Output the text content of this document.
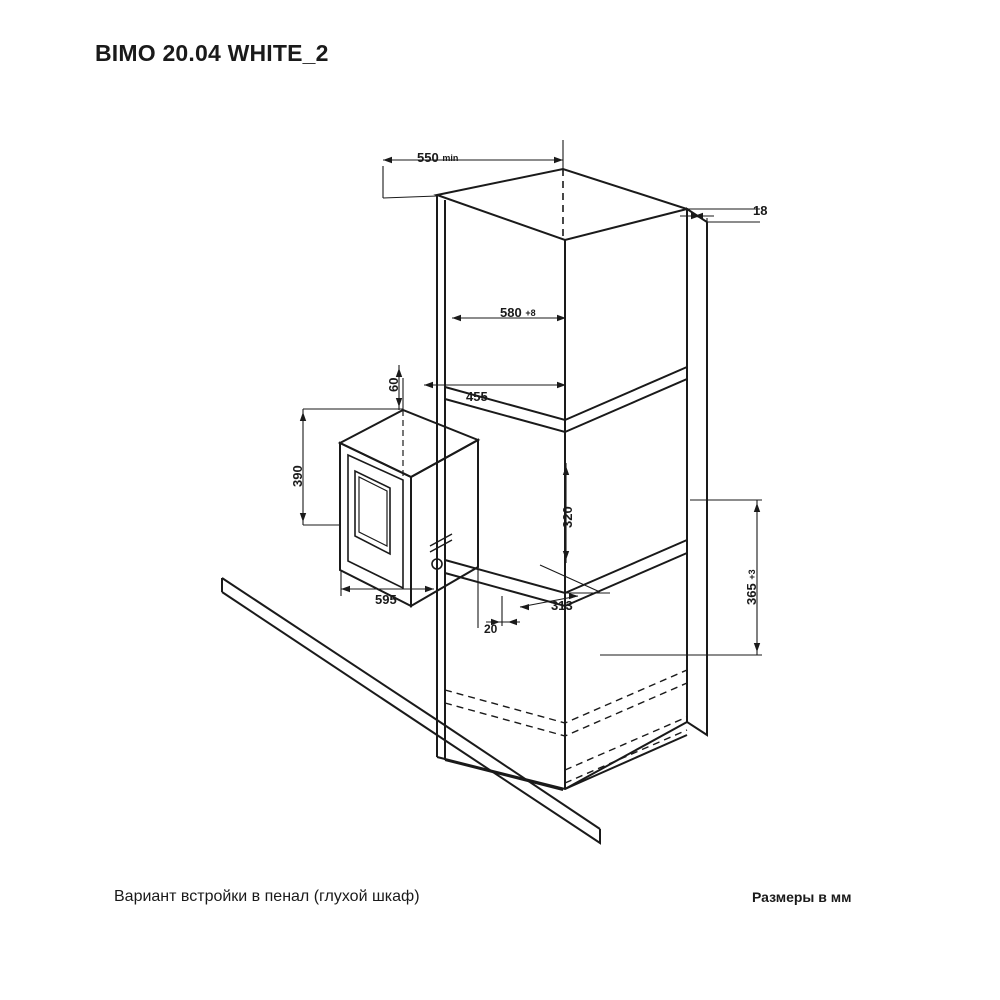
BIMO 20.04 WHITE_2
550 min
18
580 +8
60
455
390
320
595
20
313
365 +3
Вариант встройки в пенал (глухой шкаф)	Размеры в мм
